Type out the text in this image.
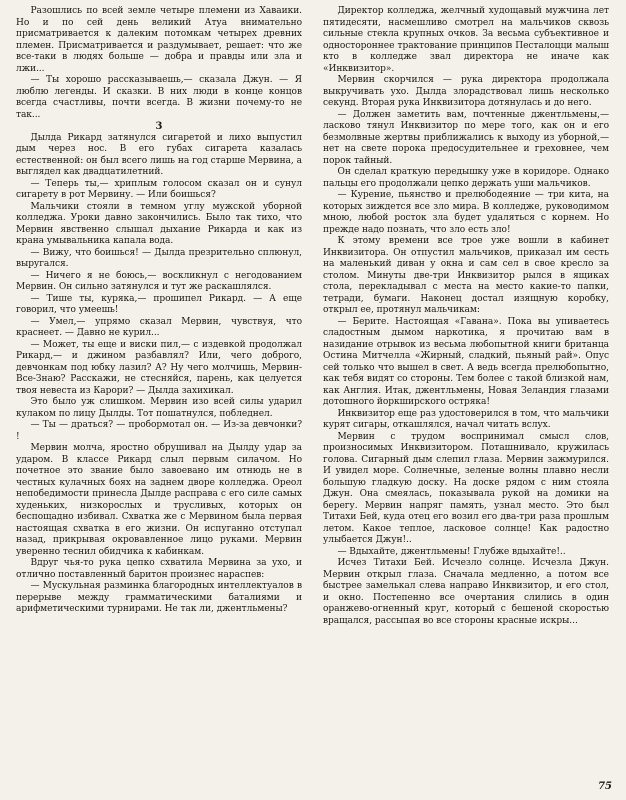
Разошлись по всей земле четыре племени из Хаваики. Но и по сей день великий Атуа внимательно присматривается к далеким потомкам четырех древних племен. Присматривается и раздумывает, решает: что же все-таки в людях больше — добра и правды или зла и лжи...

— Ты хорошо рассказываешь,— сказала Джун. — Я люблю легенды. И сказки. В них люди в конце концов всегда счастливы, почти всегда. В жизни почему-то не так...

3

Дылда Рикард затянулся сигаретой и лихо выпустил дым через нос. В его губах сигарета казалась естественной: он был всего лишь на год старше Мервина, а выглядел как двадцатилетний.

— Теперь ты,— хриплым голосом сказал он и сунул сигарету в рот Мервину. — Или боишься?

Мальчики стояли в темном углу мужской уборной колледжа. Уроки давно закончились. Было так тихо, что Мервин явственно слышал дыхание Рикарда и как из крана умывальника капала вода.

— Вижу, что боишься! — Дылда презрительно сплюнул, выругался.

— Ничего я не боюсь,— воскликнул с негодованием Мервин. Он сильно затянулся и тут же раскашлялся.

— Тише ты, куряка,— прошипел Рикард. — А еще говорил, что умеешь!

— Умел,— упрямо сказал Мервин, чувствуя, что краснеет. — Давно не курил...

— Может, ты еще и виски пил,— с издевкой продолжал Рикард,— и джином разбавлял? Или, чего доброго, девчонкам под юбку лазил? А? Ну чего молчишь, Мервин-Все-Знаю? Расскажи, не стесняйся, парень, как целуется твоя невеста из Карори? — Дылда захихикал.

Это было уж слишком. Мервин изо всей силы ударил кулаком по лицу Дылды. Тот пошатнулся, побледнел.

— Ты — драться? — пробормотал он. — Из-за девчонки? !

Мервин молча, яростно обрушивал на Дылду удар за ударом. В классе Рикард слыл первым силачом. Но почетное это звание было завоевано им отнюдь не в честных кулачных боях на заднем дворе колледжа. Ореол непобедимости принесла Дылде расправа с его силе самых худеньких, низкорослых и трусливых, которых он беспощадно избивал. Схватка же с Мервином была первая настоящая схватка в его жизни. Он испуганно отступал назад, прикрывая окровавленное лицо руками. Мервин уверенно теснил обидчика к кабинкам.

Вдруг чья-то рука цепко схватила Мервина за ухо, и отлично поставленный баритон произнес нараспев:

— Мускульная разминка благородных интеллектуалов в перерыве между грамматическими баталиями и арифметическими турнирами. Не так ли, джентльмены?

Директор колледжа, желчный худощавый мужчина лет пятидесяти, насмешливо смотрел на мальчиков сквозь сильные стекла крупных очков. За весьма субъективное и одностороннее трактование принципов Песталоцци малыш кто в колледже звал директора не иначе как «Инквизитор».

Мервин скорчился — рука директора продолжала выкручивать ухо. Дылда злорадствовал лишь несколько секунд. Вторая рука Инквизитора дотянулась и до него.

— Должен заметить вам, почтенные джентльмены,— ласково тянул Инквизитор по мере того, как он и его безмолвные жертвы приближались к выходу из уборной,— нет на свете порока предосудительнее и греховнее, чем порок тайный.

Он сделал краткую передышку уже в коридоре. Однако пальцы его продолжали цепко держать уши мальчиков.

— Курение, пьянство и прелюбодеяние — три кита, на которых зиждется все зло мира. В колледже, руководимом мною, любой росток зла будет удаляться с корнем. Но прежде надо познать, что зло есть зло!

К этому времени все трое уже вошли в кабинет Инквизитора. Он отпустил мальчиков, приказал им сесть на маленький диван у окна и сам сел в свое кресло за столом. Минуты две-три Инквизитор рылся в ящиках стола, перекладывал с места на место какие-то папки, тетради, бумаги. Наконец достал изящную коробку, открыл ее, протянул мальчикам:

— Берите. Настоящая «Гавана». Пока вы упиваетесь сладостным дымом наркотика, я прочитаю вам в назидание отрывок из весьма любопытной книги британца Остина Митчелла «Жирный, сладкий, пьяный рай». Опус сей только что вышел в свет. А ведь всегда прелюбопытно, как тебя видят со стороны. Тем более с такой близкой нам, как Англия. Итак, джентльмены, Новая Зеландия глазами дотошного йоркширского остряка!

Инквизитор еще раз удостоверился в том, что мальчики курят сигары, откашлялся, начал читать вслух.

Мервин с трудом воспринимал смысл слов, произносимых Инквизитором. Поташнивало, кружилась голова. Сигарный дым слепил глаза. Мервин зажмурился. И увидел море. Солнечные, зеленые волны плавно несли большую гладкую доску. На доске рядом с ним стояла Джун. Она смеялась, показывала рукой на домики на берегу. Мервин напряг память, узнал место. Это был Титахи Бей, куда отец его возил его два-три раза прошлым летом. Какое теплое, ласковое солнце! Как радостно улыбается Джун!..

— Вдыхайте, джентльмены! Глубже вдыхайте!..

Исчез Титахи Бей. Исчезло солнце. Исчезла Джун. Мервин открыл глаза. Сначала медленно, а потом все быстрее замелькал слева направо Инквизитор, и его стол, и окно. Постепенно все очертания слились в один оранжево-огненный круг, который с бешеной скоростью вращался, рассыпая во все стороны красные искры...

75
